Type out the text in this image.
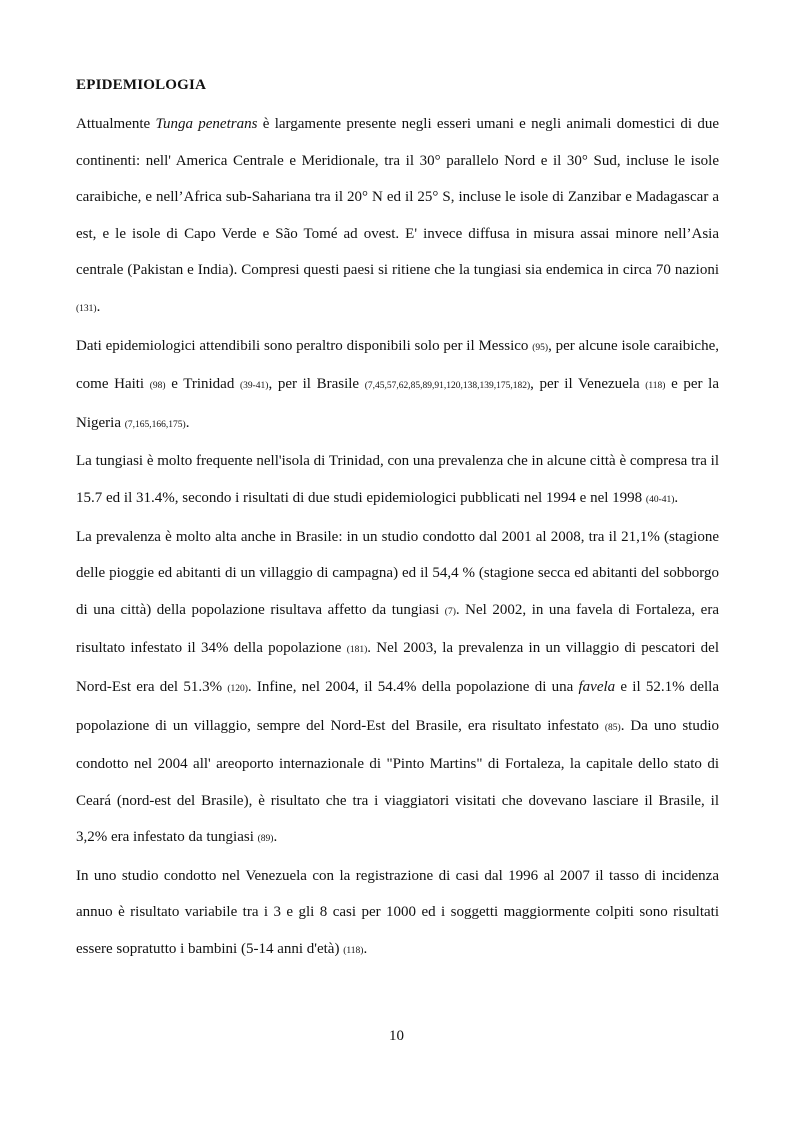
EPIDEMIOLOGIA

Attualmente Tunga penetrans è largamente presente negli esseri umani e negli animali domestici di due continenti: nell' America Centrale e Meridionale, tra il 30° parallelo Nord e il 30° Sud, incluse le isole caraibiche, e nell’Africa sub-Sahariana tra il 20° N ed il 25° S, incluse le isole di Zanzibar e Madagascar a est, e le isole di Capo Verde e São Tomé ad ovest. E' invece diffusa in misura assai minore nell’Asia centrale (Pakistan e India). Compresi questi paesi si ritiene che la tungiasi sia endemica in circa 70 nazioni (131).

Dati epidemiologici attendibili sono peraltro disponibili solo per il Messico (95), per alcune isole caraibiche, come Haiti (98) e Trinidad (39-41), per il Brasile (7,45,57,62,85,89,91,120,138,139,175,182), per il Venezuela (118) e per la Nigeria (7,165,166,175).

La tungiasi è molto frequente nell'isola di Trinidad, con una prevalenza che in alcune città è compresa tra il 15.7 ed il 31.4%, secondo i risultati di due studi epidemiologici pubblicati nel 1994 e nel 1998 (40-41).

La prevalenza è molto alta anche in Brasile: in un studio condotto dal 2001 al 2008, tra il 21,1% (stagione delle pioggie ed abitanti di un villaggio di campagna) ed il 54,4 % (stagione secca ed abitanti del sobborgo di una città) della popolazione risultava affetto da tungiasi (7). Nel 2002, in una favela di Fortaleza, era risultato infestato il 34% della popolazione (181). Nel 2003, la prevalenza in un villaggio di pescatori del Nord-Est era del 51.3% (120). Infine, nel 2004, il 54.4% della popolazione di una favela e il 52.1% della popolazione di un villaggio, sempre del Nord-Est del Brasile, era risultato infestato (85). Da uno studio condotto nel 2004 all' areoporto internazionale di "Pinto Martins" di Fortaleza, la capitale dello stato di Ceará (nord-est del Brasile), è risultato che tra i viaggiatori visitati che dovevano lasciare il Brasile, il 3,2% era infestato da tungiasi (89).

In uno studio condotto nel Venezuela con la registrazione di casi dal 1996 al 2007 il tasso di incidenza annuo è risultato variabile tra i 3 e gli 8 casi per 1000 ed i soggetti maggiormente colpiti sono risultati essere sopratutto i bambini (5-14 anni d'età) (118).

10
